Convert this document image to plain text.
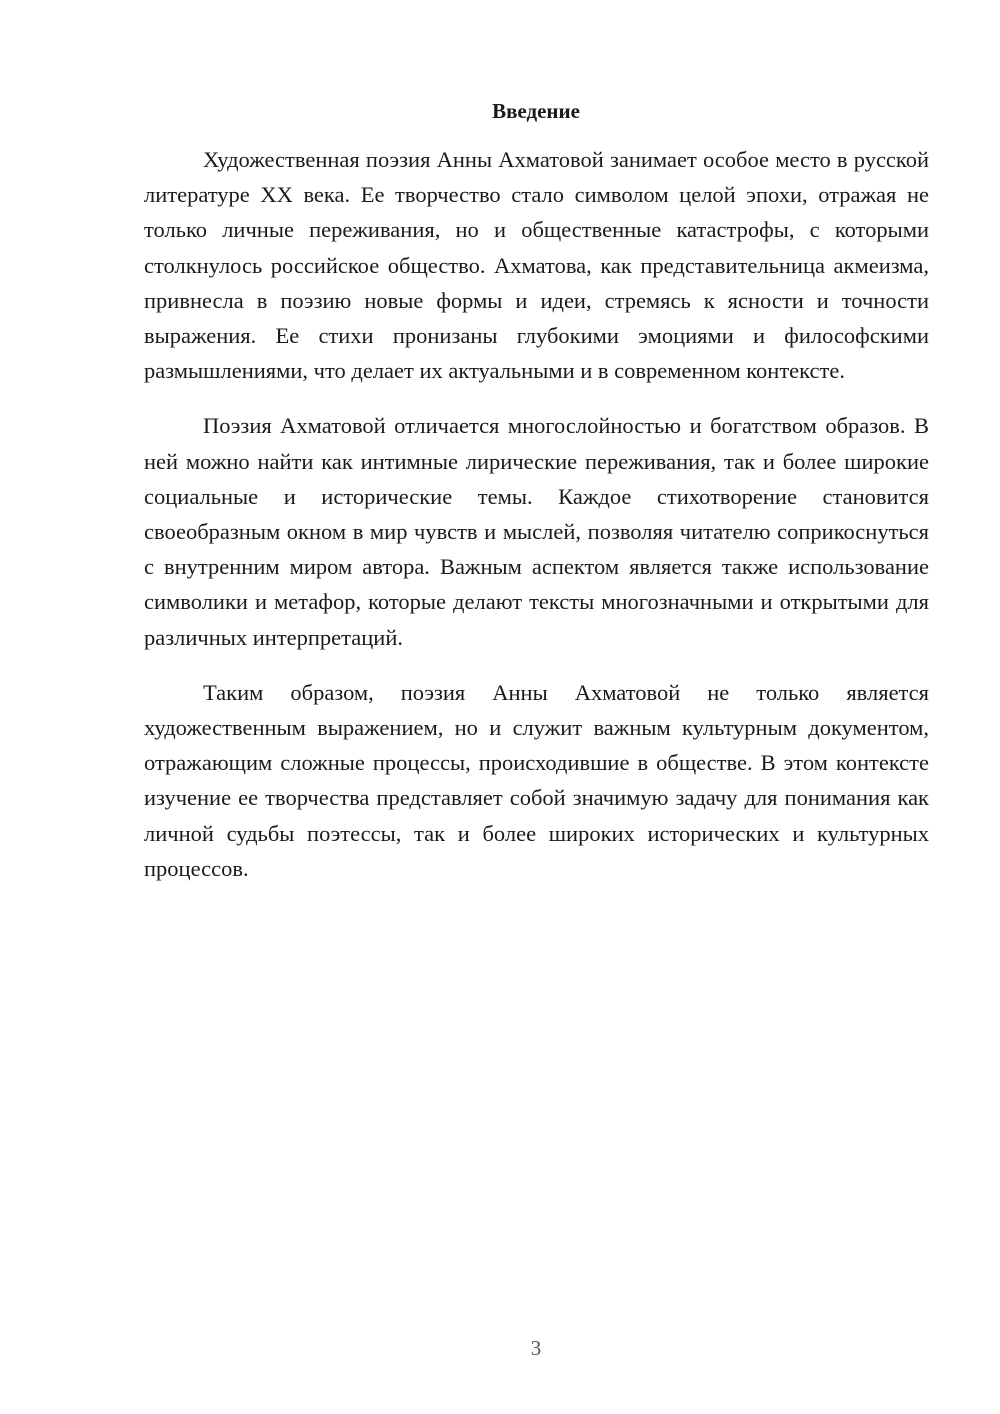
Введение

Художественная поэзия Анны Ахматовой занимает особое место в русской литературе XX века. Ее творчество стало символом целой эпохи, отражая не только личные переживания, но и общественные катастрофы, с которыми столкнулось российское общество. Ахматова, как представительница акмеизма, привнесла в поэзию новые формы и идеи, стремясь к ясности и точности выражения. Ее стихи пронизаны глубокими эмоциями и философскими размышлениями, что делает их актуальными и в современном контексте.

Поэзия Ахматовой отличается многослойностью и богатством образов. В ней можно найти как интимные лирические переживания, так и более широкие социальные и исторические темы. Каждое стихотворение становится своеобразным окном в мир чувств и мыслей, позволяя читателю соприкоснуться с внутренним миром автора. Важным аспектом является также использование символики и метафор, которые делают тексты многозначными и открытыми для различных интерпретаций.

Таким образом, поэзия Анны Ахматовой не только является художественным выражением, но и служит важным культурным документом, отражающим сложные процессы, происходившие в обществе. В этом контексте изучение ее творчества представляет собой значимую задачу для понимания как личной судьбы поэтессы, так и более широких исторических и культурных процессов.

3
